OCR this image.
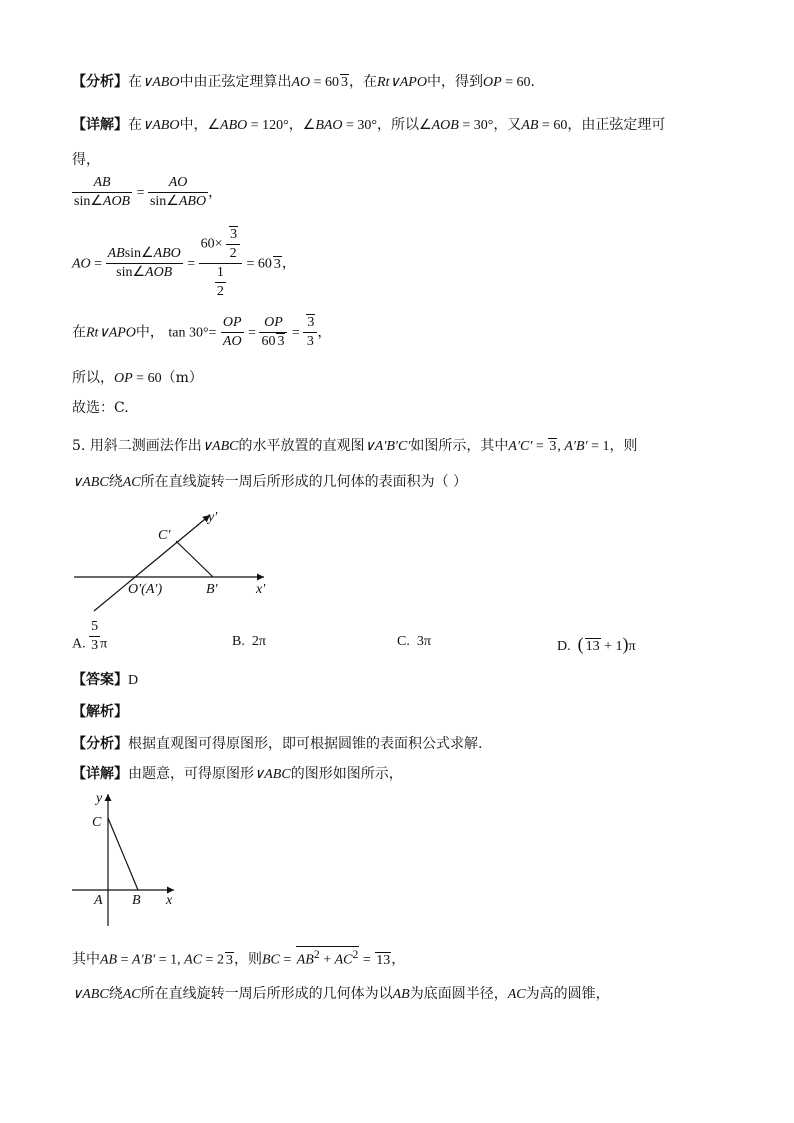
【分析】在∨ABO中由正弦定理算出AO = 60 3，在Rt∨APO中，得到OP = 60.
【详解】在∨ABO中，∠ABO = 120°，∠BAO = 30°，所以∠AOB = 30°，又AB = 60，由正弦定理可
得，
$\frac{AB}{\text{sin∠AOB}} = \frac{AO}{\text{sin∠ABO}}$ ，
AO = $\frac{\text{ABsin∠ABO}}{\text{sin∠AOB}} = \frac{60\times \frac{3}{2}}{\frac{1}{2}} = 60$ 3，
在Rt∨APO中， $\tan 30^\circ= \frac{OP}{AO} = \frac{OP}{60 3} = \frac{3}{3}$ ，
所以，OP = 60（m）
故选：C.
5. 用斜二测画法作出∨ABC的水平放置的直观图∨A′B′C′如图所示，其中A′C′ = 3, A′B′ = 1，则
∨ABC绕AC所在直线旋转一周后所形成的几何体的表面积为（ ）
y′
C′
O′(A′)	B′	x′
A. $\frac{5}{3}$ π	B. 2π	C. 3π	D. ( 13 + 1)π
【答案】D
【解析】
【分析】根据直观图可得原图形，即可根据圆锥的表面积公式求解.
【详解】由题意，可得原图形∨ABC的图形如图所示，
y
C
A B x
其中AB = A′B′ = 1, AC = 2 3，则BC = $AB^2 + AC^2 = 13$，
∨ABC绕AC所在直线旋转一周后所形成的几何体为以AB为底面圆半径，AC为高的圆锥，
